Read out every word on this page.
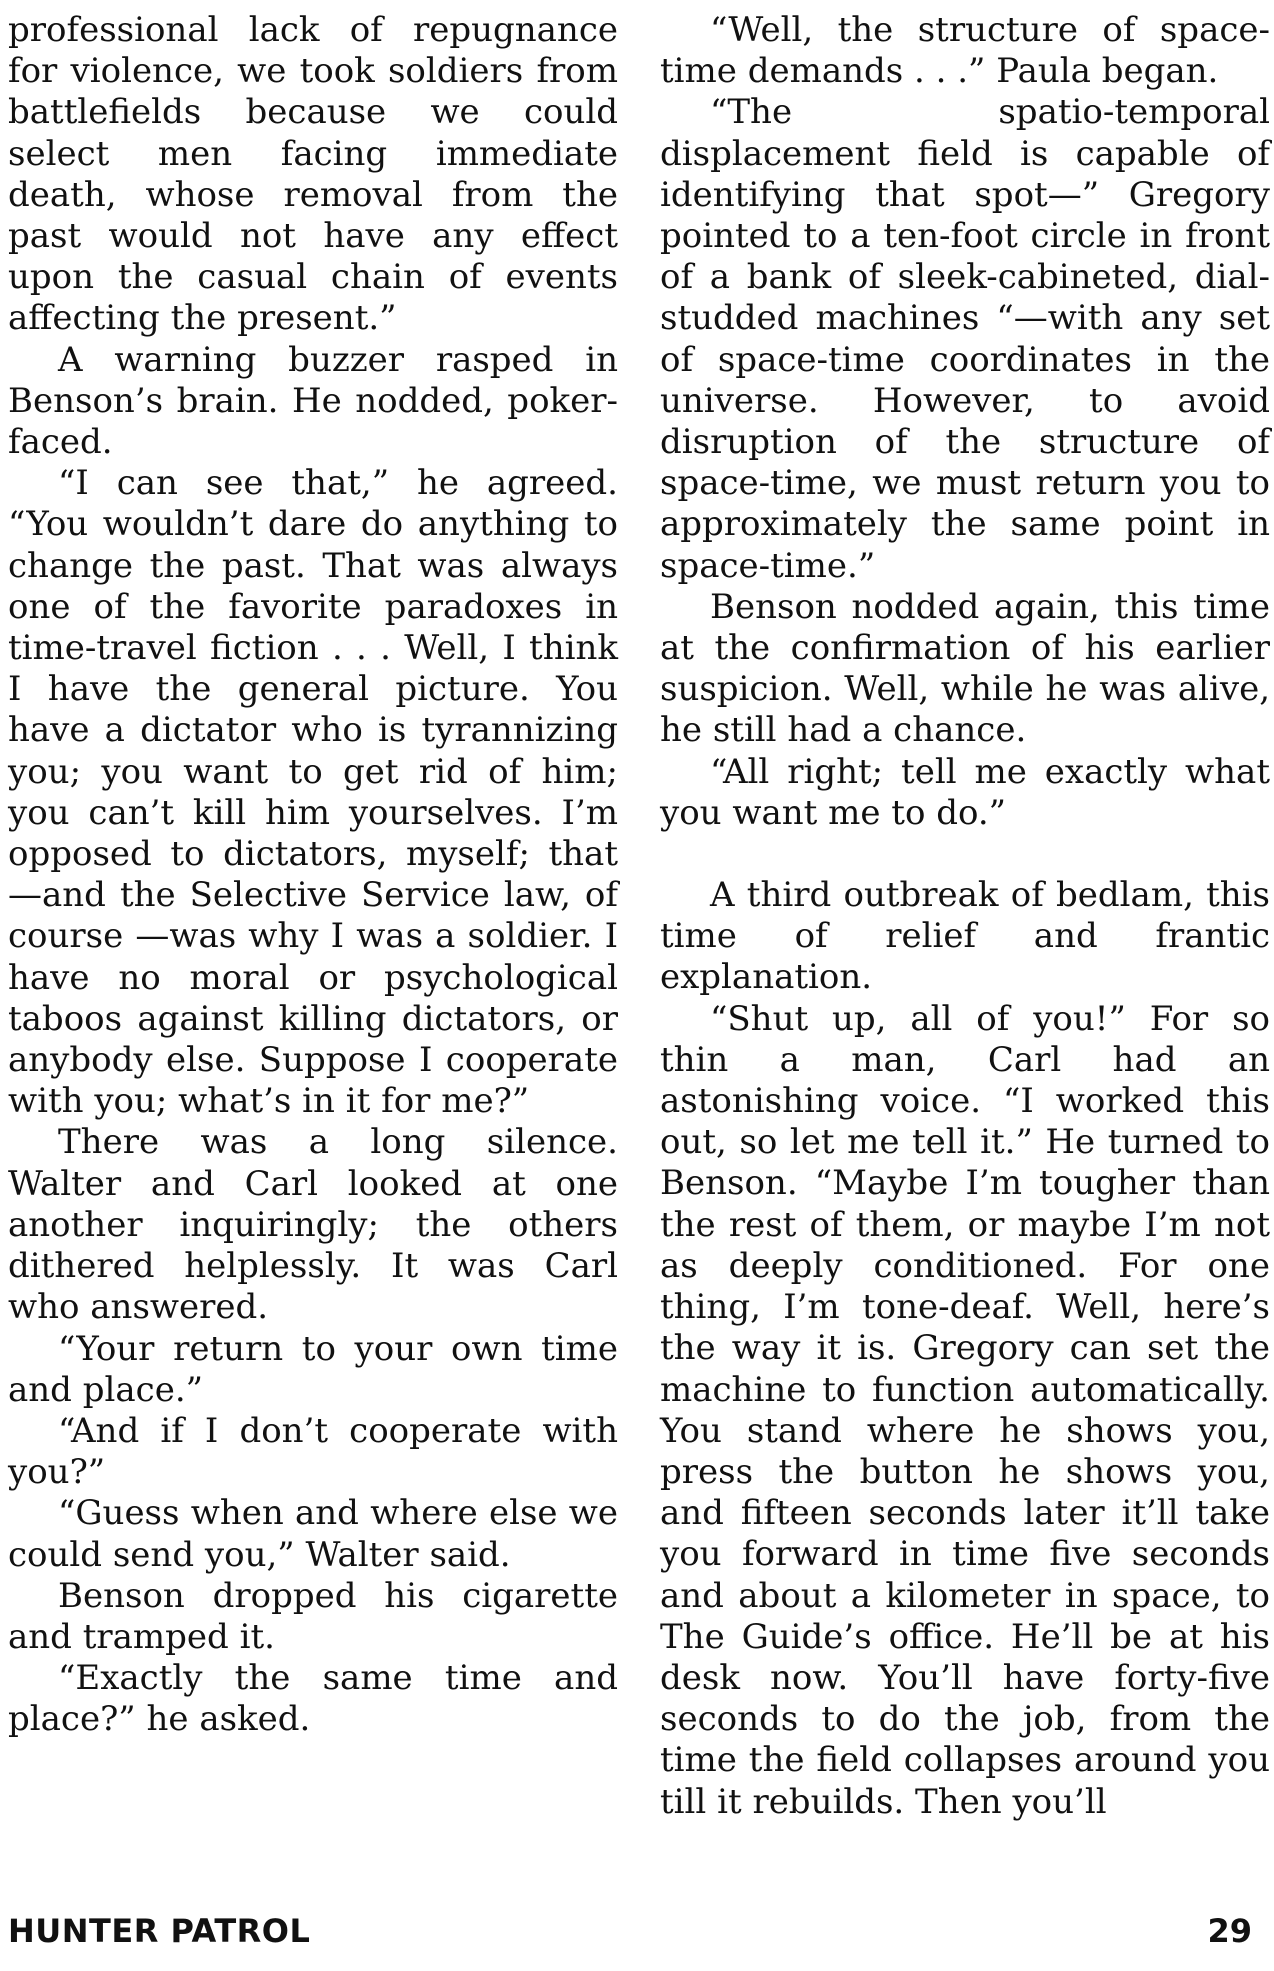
professional lack of repugnance for violence, we took soldiers from battlefields because we could select men facing immediate death, whose removal from the past would not have any effect upon the casual chain of events affecting the present.”

A warning buzzer rasped in Benson’s brain. He nodded, poker-faced.

“I can see that,” he agreed. “You wouldn’t dare do anything to change the past. That was always one of the favorite paradoxes in time-travel fiction . . . Well, I think I have the general picture. You have a dictator who is tyrannizing you; you want to get rid of him; you can’t kill him yourselves. I’m opposed to dictators, myself; that—and the Selective Service law, of course —was why I was a soldier. I have no moral or psychological taboos against killing dictators, or anybody else. Suppose I cooperate with you; what’s in it for me?”

There was a long silence. Walter and Carl looked at one another inquiringly; the others dithered helplessly. It was Carl who answered.

“Your return to your own time and place.”

“And if I don’t cooperate with you?”

“Guess when and where else we could send you,” Walter said.

Benson dropped his cigarette and tramped it.

“Exactly the same time and place?” he asked.

“Well, the structure of space-time demands . . .” Paula began.

“The spatio-temporal displacement field is capable of identifying that spot—” Gregory pointed to a ten-foot circle in front of a bank of sleek-cabineted, dial-studded machines “—with any set of space-time coordinates in the universe. However, to avoid disruption of the structure of space-time, we must return you to approximately the same point in space-time.”

Benson nodded again, this time at the confirmation of his earlier suspicion. Well, while he was alive, he still had a chance.

“All right; tell me exactly what you want me to do.”

A third outbreak of bedlam, this time of relief and frantic explanation.

“Shut up, all of you!” For so thin a man, Carl had an astonishing voice. “I worked this out, so let me tell it.” He turned to Benson. “Maybe I’m tougher than the rest of them, or maybe I’m not as deeply conditioned. For one thing, I’m tone-deaf. Well, here’s the way it is. Gregory can set the machine to function automatically. You stand where he shows you, press the button he shows you, and fifteen seconds later it’ll take you forward in time five seconds and about a kilometer in space, to The Guide’s office. He’ll be at his desk now. You’ll have forty-five seconds to do the job, from the time the field collapses around you till it rebuilds. Then you’ll

HUNTER PATROL	29
